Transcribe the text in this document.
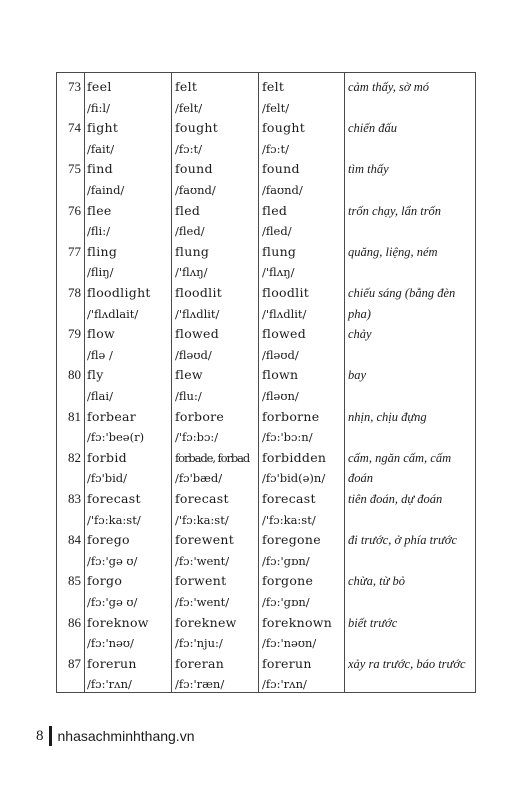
73 feel
/fi:l/
felt
/felt/
felt
/felt/
cảm thấy, sờ mó
74 fight
/fait/
fought
/fɔ:t/
fought
/fɔ:t/
chiến đấu
75 find
/faind/
found
/faʊnd/
found
/faʊnd/
tìm thấy
76 flee
/fli:/
fled
/fled/
fled
/fled/
trốn chạy, lẩn trốn
77 fling
/fliŋ/
flung
/'flʌŋ/
flung
/'flʌŋ/
quăng, liệng, ném
78 floodlight
/'flʌdlait/
floodlit
/'flʌdlit/
floodlit
/'flʌdlit/
chiếu sáng (bằng đèn pha)
79 flow
/flə /
flowed
/fləʊd/
flowed
/fləʊd/
chảy
80 fly
/flai/
flew
/flu:/
flown
/fləʊn/
bay
81 forbear
/fɔ:'beə(r)
forbore
/'fɔ:bɔ:/
forborne
/fɔ:'bɔ:n/
nhịn, chịu đựng
82 forbid
/fɔ'bid/
forbade, forbad
/fɔ'bæd/
forbidden
/fɔ'bid(ə)n/
cấm, ngăn cấm, cấm đoán
83 forecast
/'fɔ:ka:st/
forecast
/'fɔ:ka:st/
forecast
/'fɔ:ka:st/
tiên đoán, dự đoán
84 forego
/fɔ:'gə ʊ/
forewent
/fɔ:'went/
foregone
/fɔ:'gɒn/
đi trước, ở phía trước
85 forgo
/fɔ:'gə ʊ/
forwent
/fɔ:'went/
forgone
/fɔ:'gɒn/
chừa, từ bỏ
86 foreknow
/fɔ:'nəʊ/
foreknew
/fɔ:'nju:/
foreknown
/fɔ:'nəʊn/
biết trước
87 forerun
/fɔ:'rʌn/
foreran
/fɔ:'ræn/
forerun
/fɔ:'rʌn/
xảy ra trước, báo trước
8 nhasachminhthang.vn
